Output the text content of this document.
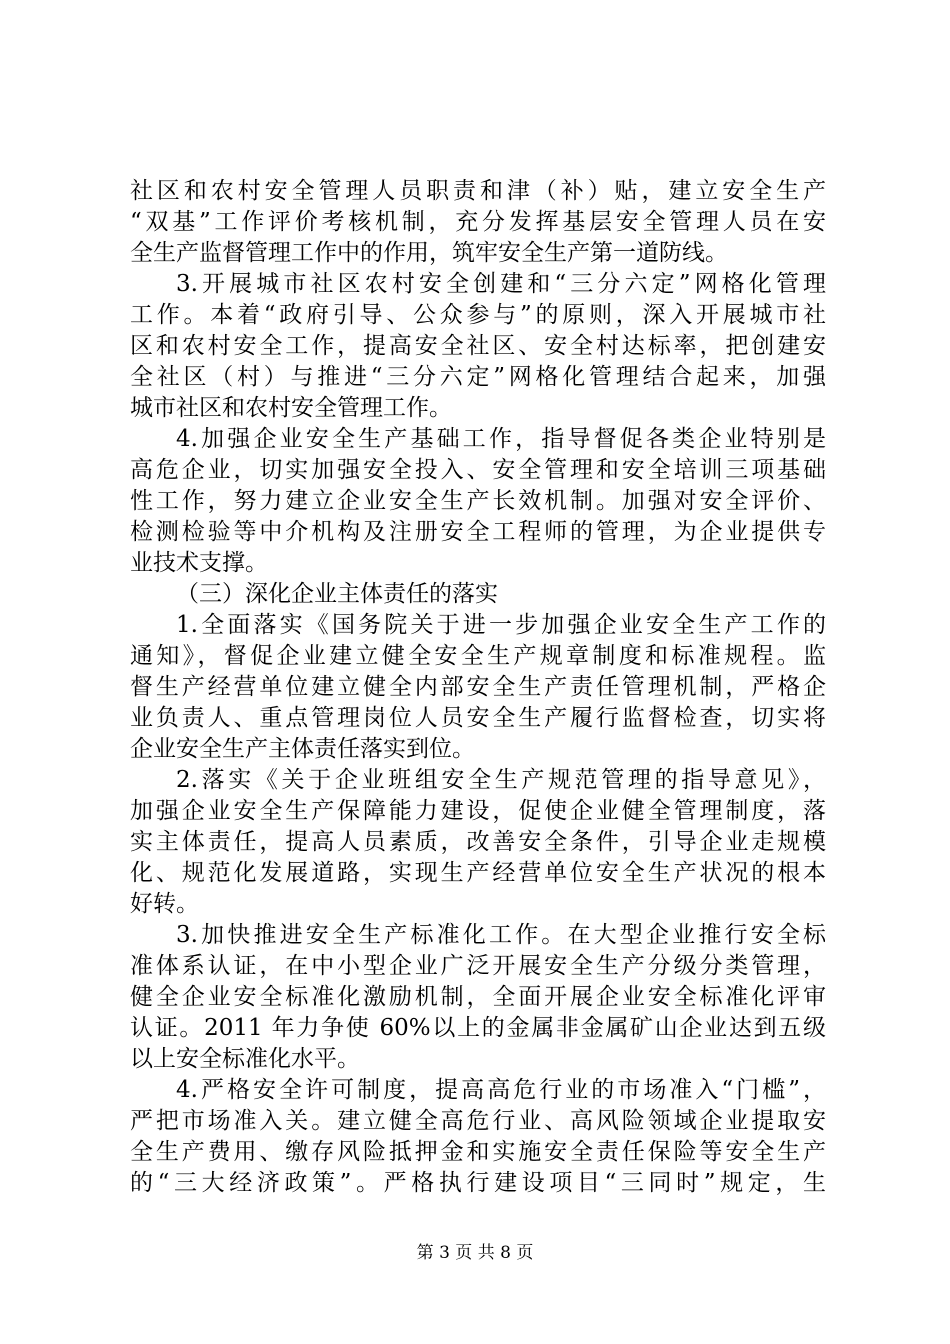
社区和农村安全管理人员职责和津（补）贴，建立安全生产
“双基”工作评价考核机制，充分发挥基层安全管理人员在安
全生产监督管理工作中的作用，筑牢安全生产第一道防线。
3.开展城市社区农村安全创建和“三分六定”网格化管理
工作。本着“政府引导、公众参与”的原则，深入开展城市社
区和农村安全工作，提高安全社区、安全村达标率，把创建安
全社区（村）与推进“三分六定”网格化管理结合起来，加强
城市社区和农村安全管理工作。
4.加强企业安全生产基础工作，指导督促各类企业特别是
高危企业，切实加强安全投入、安全管理和安全培训三项基础
性工作，努力建立企业安全生产长效机制。加强对安全评价、
检测检验等中介机构及注册安全工程师的管理，为企业提供专
业技术支撑。
（三）深化企业主体责任的落实
1.全面落实《国务院关于进一步加强企业安全生产工作的
通知》，督促企业建立健全安全生产规章制度和标准规程。监
督生产经营单位建立健全内部安全生产责任管理机制，严格企
业负责人、重点管理岗位人员安全生产履行监督检查，切实将
企业安全生产主体责任落实到位。
2.落实《关于企业班组安全生产规范管理的指导意见》，
加强企业安全生产保障能力建设，促使企业健全管理制度，落
实主体责任，提高人员素质，改善安全条件，引导企业走规模
化、规范化发展道路，实现生产经营单位安全生产状况的根本
好转。
3.加快推进安全生产标准化工作。在大型企业推行安全标
准体系认证，在中小型企业广泛开展安全生产分级分类管理，
健全企业安全标准化激励机制，全面开展企业安全标准化评审
认证。2011 年力争使 60%以上的金属非金属矿山企业达到五级
以上安全标准化水平。
4.严格安全许可制度，提高高危行业的市场准入“门槛”，
严把市场准入关。建立健全高危行业、高风险领域企业提取安
全生产费用、缴存风险抵押金和实施安全责任保险等安全生产
的“三大经济政策”。严格执行建设项目“三同时”规定，生
第 3 页 共 8 页
